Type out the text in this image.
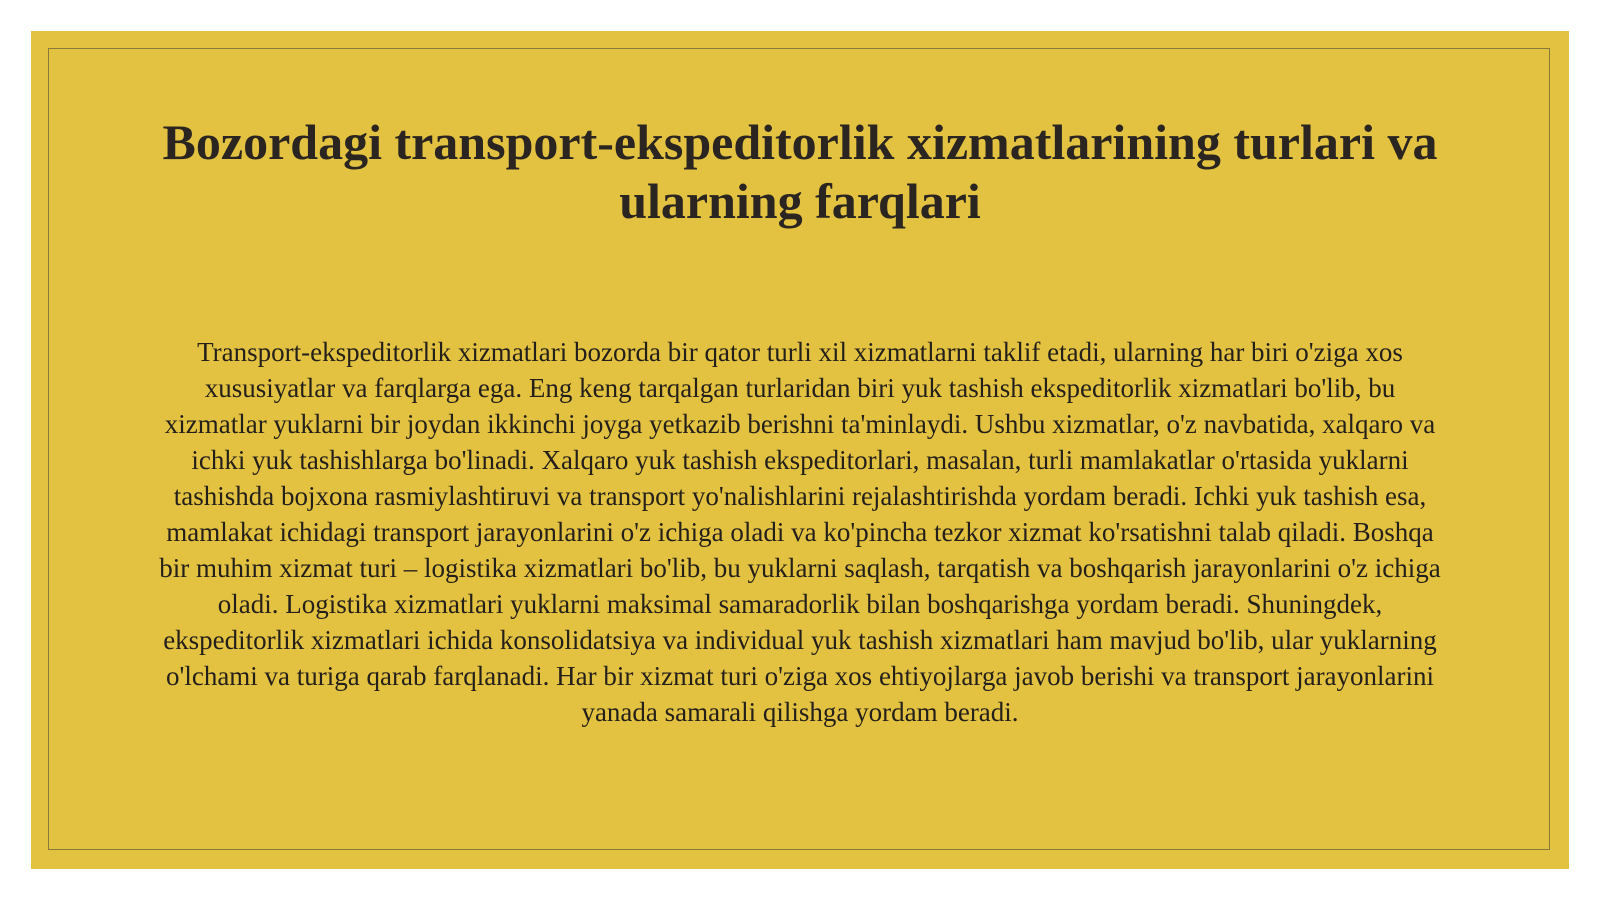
Bozordagi transport-ekspeditorlik xizmatlarining turlari va ularning farqlari

Transport-ekspeditorlik xizmatlari bozorda bir qator turli xil xizmatlarni taklif etadi, ularning har biri o'ziga xos xususiyatlar va farqlarga ega. Eng keng tarqalgan turlaridan biri yuk tashish ekspeditorlik xizmatlari bo'lib, bu xizmatlar yuklarni bir joydan ikkinchi joyga yetkazib berishni ta'minlaydi. Ushbu xizmatlar, o'z navbatida, xalqaro va ichki yuk tashishlarga bo'linadi. Xalqaro yuk tashish ekspeditorlari, masalan, turli mamlakatlar o'rtasida yuklarni tashishda bojxona rasmiylashtiruvi va transport yo'nalishlarini rejalashtirishda yordam beradi. Ichki yuk tashish esa, mamlakat ichidagi transport jarayonlarini o'z ichiga oladi va ko'pincha tezkor xizmat ko'rsatishni talab qiladi. Boshqa bir muhim xizmat turi – logistika xizmatlari bo'lib, bu yuklarni saqlash, tarqatish va boshqarish jarayonlarini o'z ichiga oladi. Logistika xizmatlari yuklarni maksimal samaradorlik bilan boshqarishga yordam beradi. Shuningdek, ekspeditorlik xizmatlari ichida konsolidatsiya va individual yuk tashish xizmatlari ham mavjud bo'lib, ular yuklarning o'lchami va turiga qarab farqlanadi. Har bir xizmat turi o'ziga xos ehtiyojlarga javob berishi va transport jarayonlarini yanada samarali qilishga yordam beradi.
